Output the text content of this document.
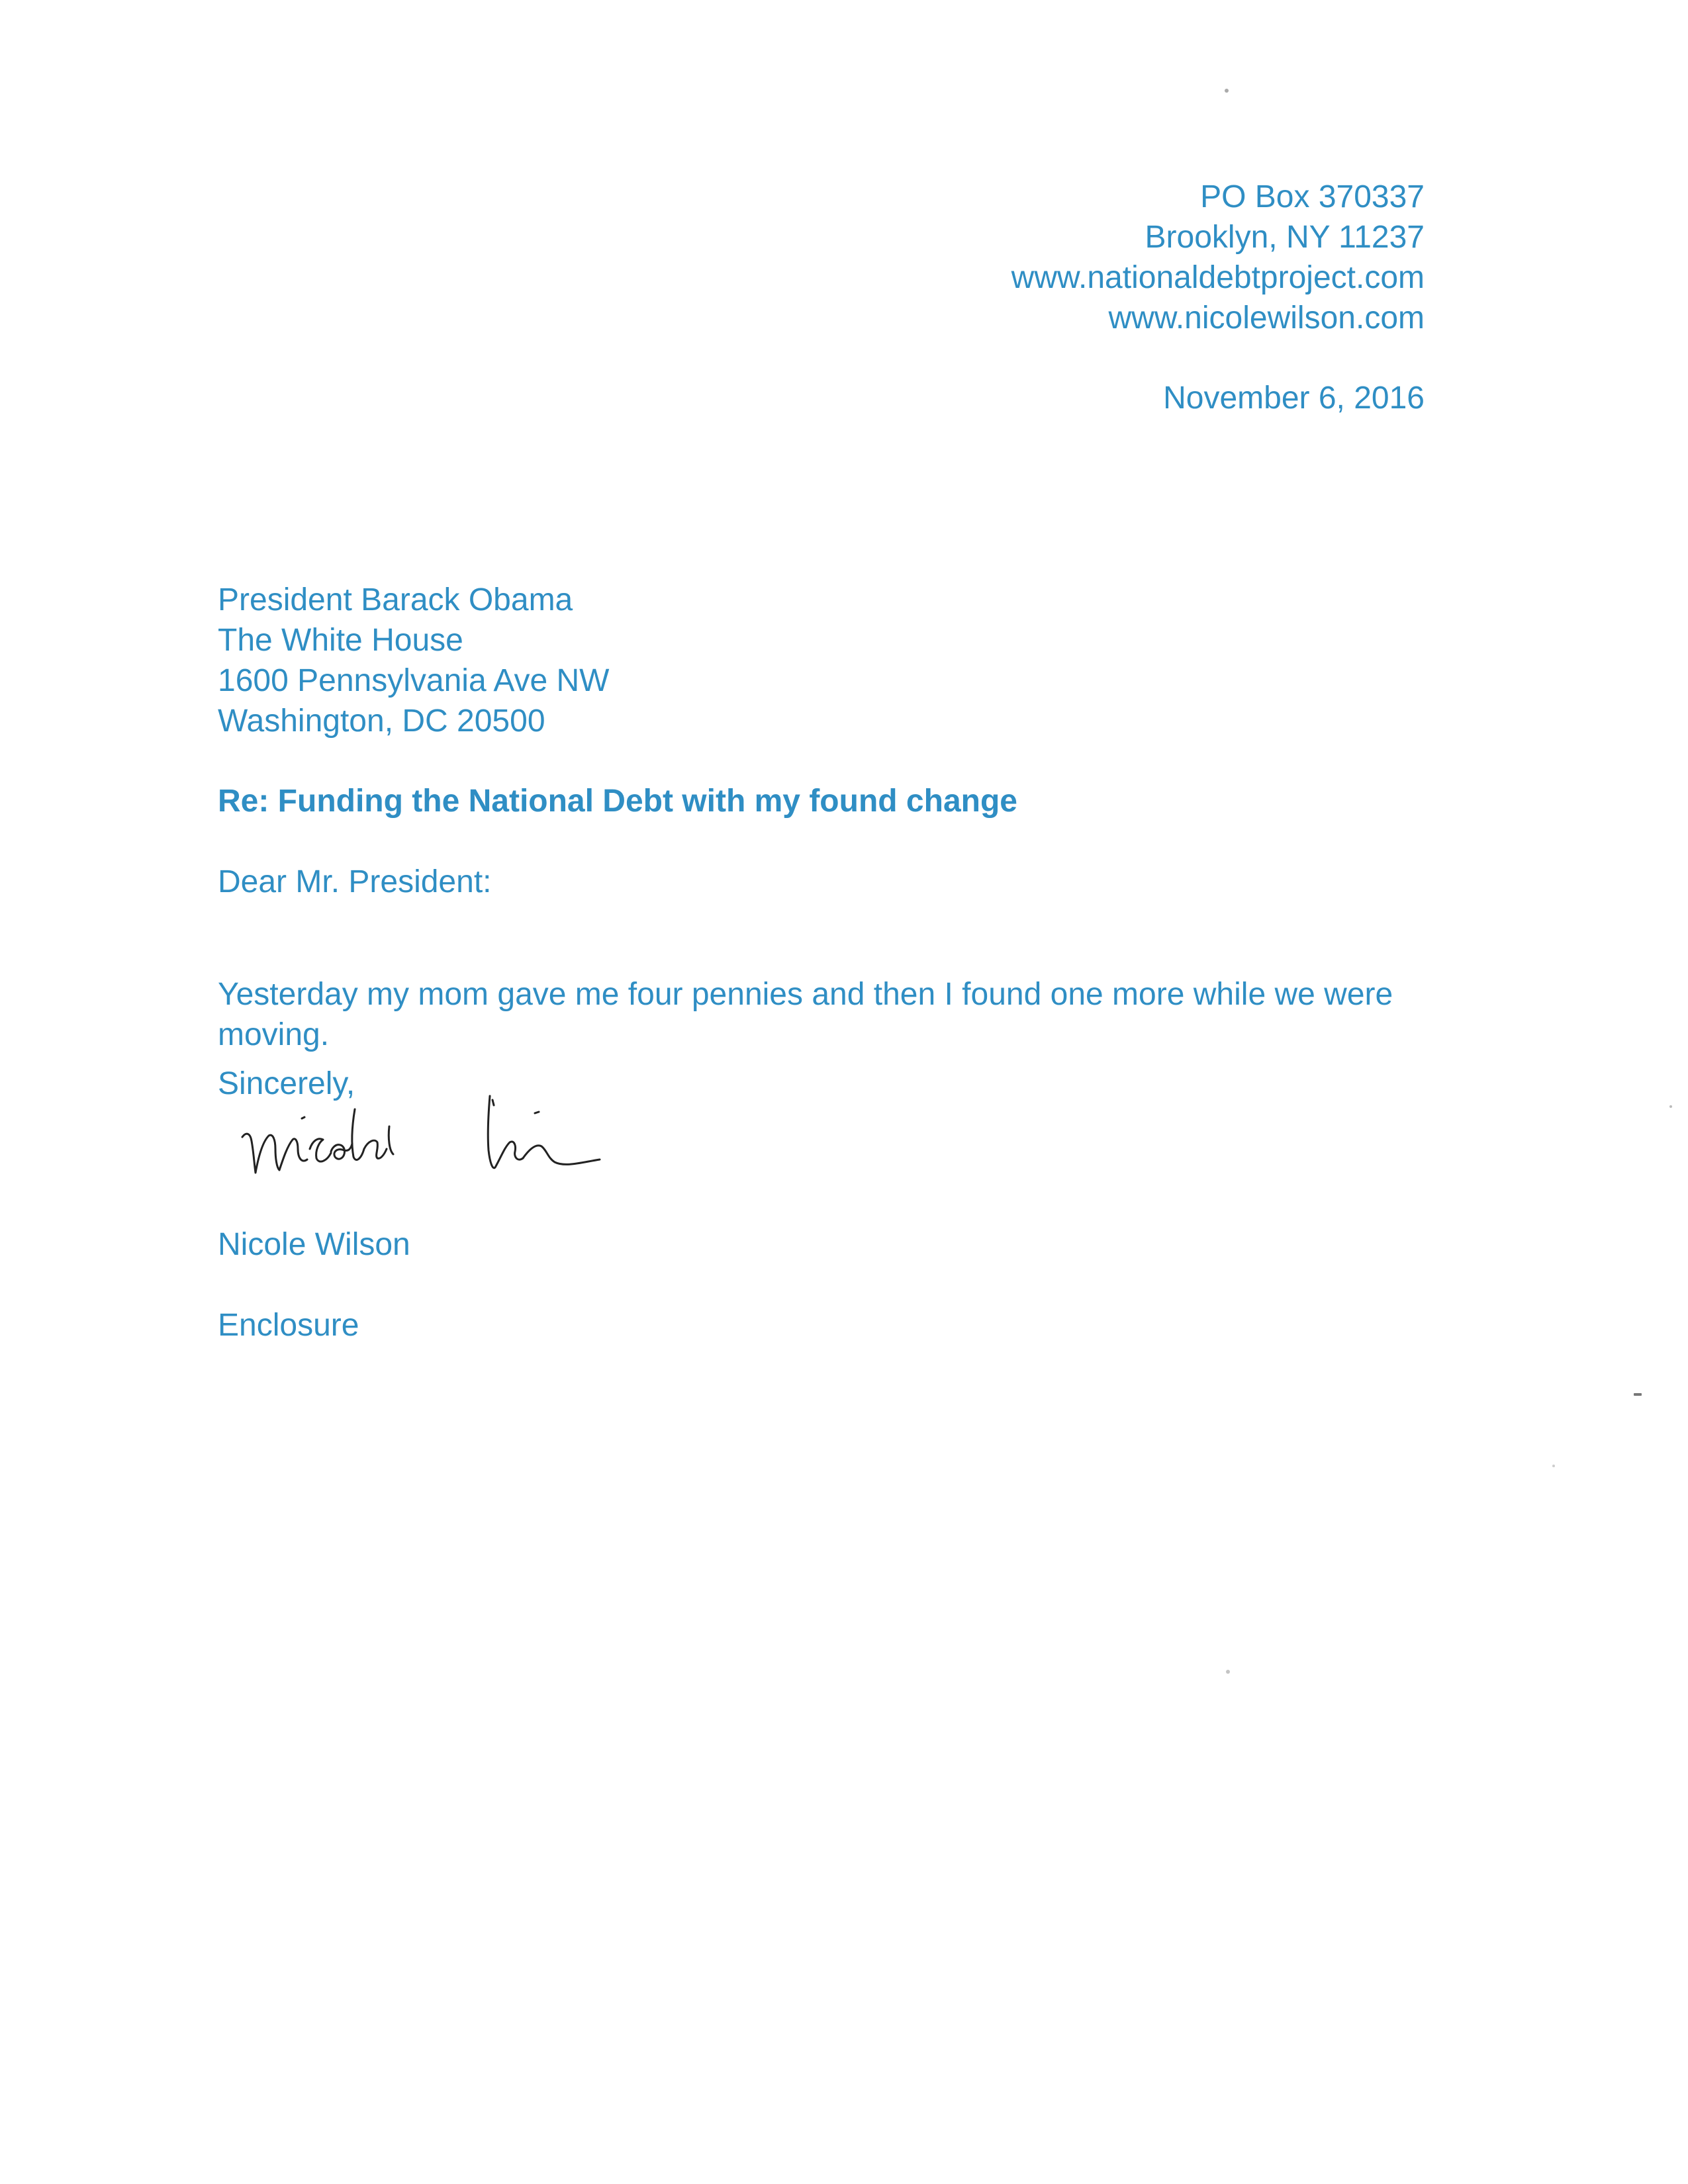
PO Box 370337

Brooklyn, NY 11237

www.nationaldebtproject.com

www.nicolewilson.com

November 6, 2016

President Barack Obama

The White House

1600 Pennsylvania Ave NW

Washington, DC 20500

Re: Funding the National Debt with my found change

Dear Mr. President:

Yesterday my mom gave me four pennies and then I found one more while we were moving.

Sincerely,

Nicole Wilson

Enclosure
